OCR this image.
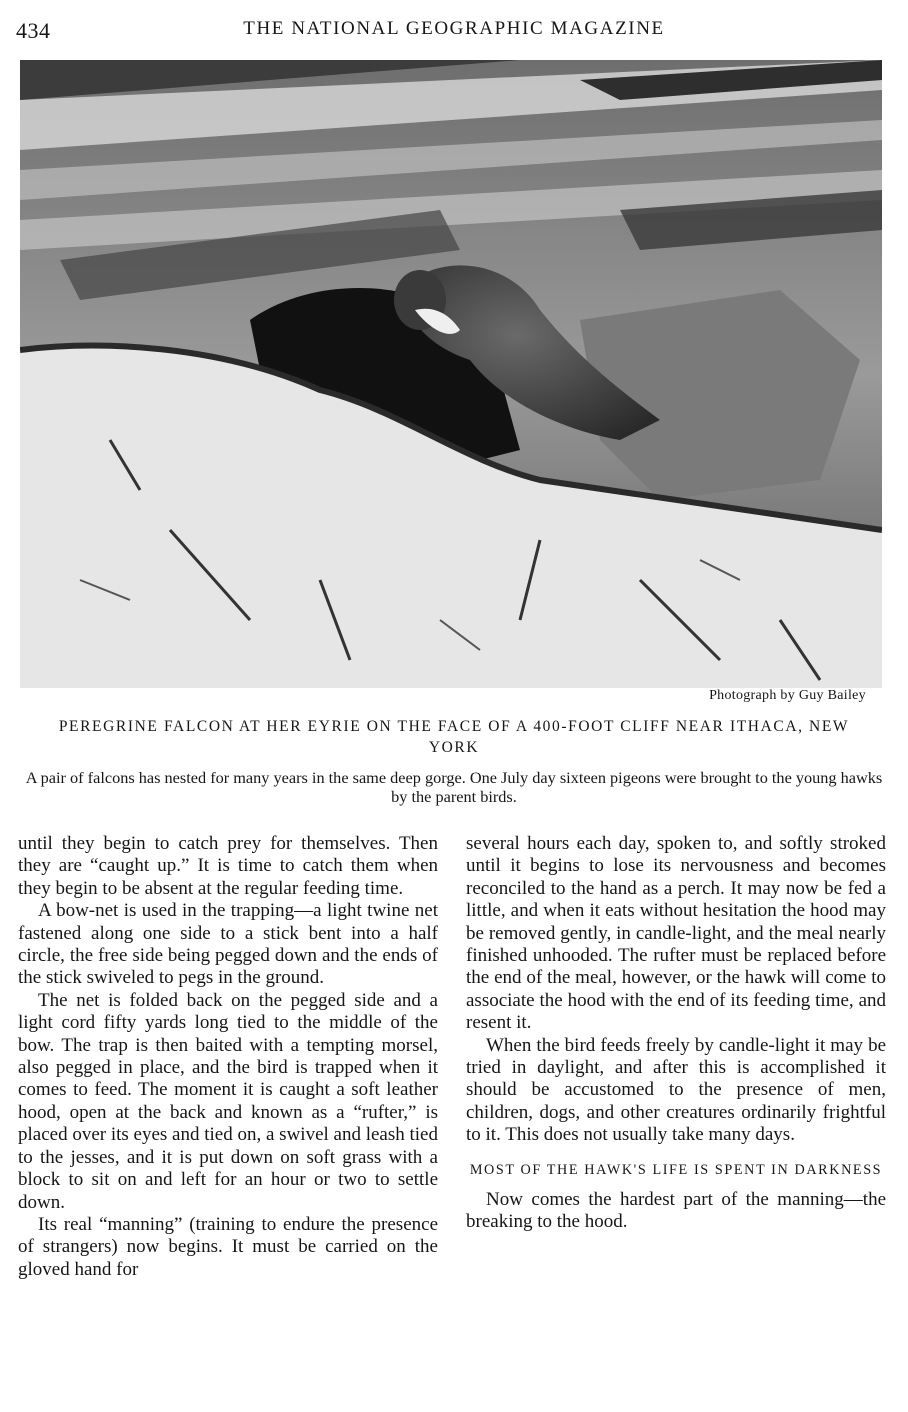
434	THE NATIONAL GEOGRAPHIC MAGAZINE
Photograph by Guy Bailey
PEREGRINE FALCON AT HER EYRIE ON THE FACE OF A 400-FOOT CLIFF NEAR ITHACA, NEW YORK
A pair of falcons has nested for many years in the same deep gorge. One July day sixteen pigeons were brought to the young hawks by the parent birds.

until they begin to catch prey for themselves. Then they are “caught up.” It is time to catch them when they begin to be absent at the regular feeding time.

A bow-net is used in the trapping—a light twine net fastened along one side to a stick bent into a half circle, the free side being pegged down and the ends of the stick swiveled to pegs in the ground.

The net is folded back on the pegged side and a light cord fifty yards long tied to the middle of the bow. The trap is then baited with a tempting morsel, also pegged in place, and the bird is trapped when it comes to feed. The moment it is caught a soft leather hood, open at the back and known as a “rufter,” is placed over its eyes and tied on, a swivel and leash tied to the jesses, and it is put down on soft grass with a block to sit on and left for an hour or two to settle down.

Its real “manning” (training to endure the presence of strangers) now begins. It must be carried on the gloved hand for

several hours each day, spoken to, and softly stroked until it begins to lose its nervousness and becomes reconciled to the hand as a perch. It may now be fed a little, and when it eats without hesitation the hood may be removed gently, in candle-light, and the meal nearly finished unhooded. The rufter must be replaced before the end of the meal, however, or the hawk will come to associate the hood with the end of its feeding time, and resent it.

When the bird feeds freely by candle-light it may be tried in daylight, and after this is accomplished it should be accustomed to the presence of men, children, dogs, and other creatures ordinarily frightful to it. This does not usually take many days.

MOST OF THE HAWK'S LIFE IS SPENT IN DARKNESS

Now comes the hardest part of the manning—the breaking to the hood.
